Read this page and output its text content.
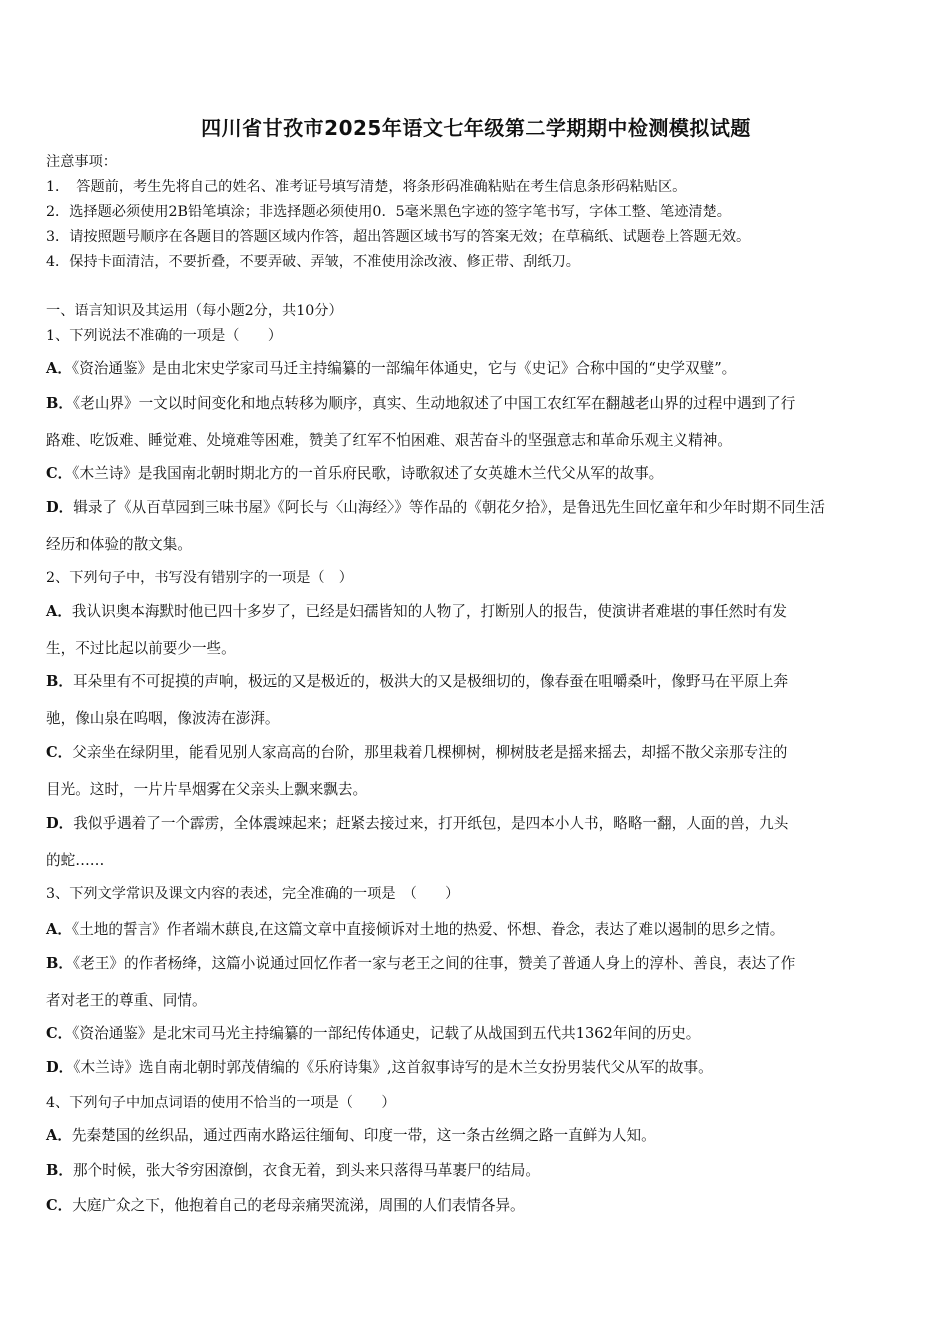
四川省甘孜市2025年语文七年级第二学期期中检测模拟试题
注意事项：
1．　答题前，考生先将自己的姓名、准考证号填写清楚，将条形码准确粘贴在考生信息条形码粘贴区。
2．选择题必须使用2B铅笔填涂；非选择题必须使用0．5毫米黑色字迹的签字笔书写，字体工整、笔迹清楚。
3．请按照题号顺序在各题目的答题区域内作答，超出答题区域书写的答案无效；在草稿纸、试题卷上答题无效。
4．保持卡面清洁，不要折叠，不要弄破、弄皱，不准使用涂改液、修正带、刮纸刀。
一、语言知识及其运用（每小题2分，共10分）
1、下列说法不准确的一项是（　　）
A．《资治通鉴》是由北宋史学家司马迁主持编纂的一部编年体通史，它与《史记》合称中国的“史学双璧”。
B．《老山界》一文以时间变化和地点转移为顺序，真实、生动地叙述了中国工农红军在翻越老山界的过程中遇到了行
路难、吃饭难、睡觉难、处境难等困难，赞美了红军不怕困难、艰苦奋斗的坚强意志和革命乐观主义精神。
C．《木兰诗》是我国南北朝时期北方的一首乐府民歌，诗歌叙述了女英雄木兰代父从军的故事。
D．辑录了《从百草园到三味书屋》《阿长与〈山海经〉》等作品的《朝花夕拾》，是鲁迅先生回忆童年和少年时期不同生活
经历和体验的散文集。
2、下列句子中，书写没有错别字的一项是（　）
A．我认识奥本海默时他已四十多岁了，已经是妇孺皆知的人物了，打断别人的报告，使演讲者难堪的事任然时有发
生，不过比起以前要少一些。
B．耳朵里有不可捉摸的声响，极远的又是极近的，极洪大的又是极细切的，像春蚕在咀嚼桑叶，像野马在平原上奔
驰，像山泉在呜咽，像波涛在澎湃。
C．父亲坐在绿阴里，能看见别人家高高的台阶，那里栽着几棵柳树，柳树肢老是摇来摇去，却摇不散父亲那专注的
目光。这时，一片片旱烟雾在父亲头上飘来飘去。
D．我似乎遇着了一个霹雳，全体震竦起来；赶紧去接过来，打开纸包，是四本小人书，略略一翻，人面的兽，九头
的蛇……
3、下列文学常识及课文内容的表述，完全准确的一项是　（　　）
A．《土地的誓言》作者端木蕻良,在这篇文章中直接倾诉对土地的热爱、怀想、眷念，表达了难以遏制的思乡之情。
B．《老王》的作者杨绛，这篇小说通过回忆作者一家与老王之间的往事，赞美了普通人身上的淳朴、善良，表达了作
者对老王的尊重、同情。
C．《资治通鉴》是北宋司马光主持编纂的一部纪传体通史，记载了从战国到五代共1362年间的历史。
D．《木兰诗》选自南北朝时郭茂倩编的《乐府诗集》,这首叙事诗写的是木兰女扮男装代父从军的故事。
4、下列句子中加点词语的使用不恰当的一项是（　　）
A．先秦楚国的丝织品，通过西南水路运往缅甸、印度一带，这一条古丝绸之路一直鲜为人知。
B．那个时候，张大爷穷困潦倒，衣食无着，到头来只落得马革裹尸的结局。
C．大庭广众之下，他抱着自己的老母亲痛哭流涕，周围的人们表情各异。
